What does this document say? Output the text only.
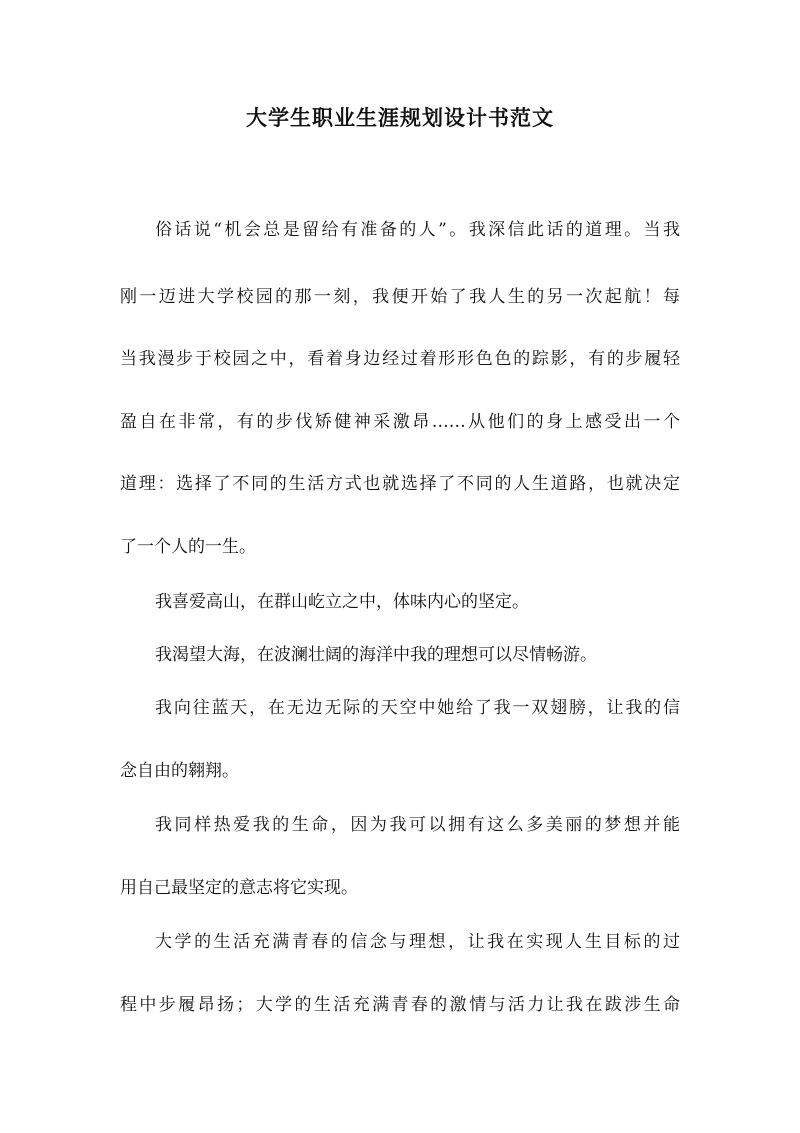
大学生职业生涯规划设计书范文
俗话说“机会总是留给有准备的人”。我深信此话的道理。当我
刚一迈进大学校园的那一刻，我便开始了我人生的另一次起航！每
当我漫步于校园之中，看着身边经过着形形色色的踪影，有的步履轻
盈自在非常，有的步伐矫健神采激昂……从他们的身上感受出一个
道理：选择了不同的生活方式也就选择了不同的人生道路，也就决定
了一个人的一生。
我喜爱高山，在群山屹立之中，体味内心的坚定。
我渴望大海，在波澜壮阔的海洋中我的理想可以尽情畅游。
我向往蓝天，在无边无际的天空中她给了我一双翅膀，让我的信
念自由的翱翔。
我同样热爱我的生命，因为我可以拥有这么多美丽的梦想并能
用自己最坚定的意志将它实现。
大学的生活充满青春的信念与理想，让我在实现人生目标的过
程中步履昂扬；大学的生活充满青春的激情与活力让我在跋涉生命
